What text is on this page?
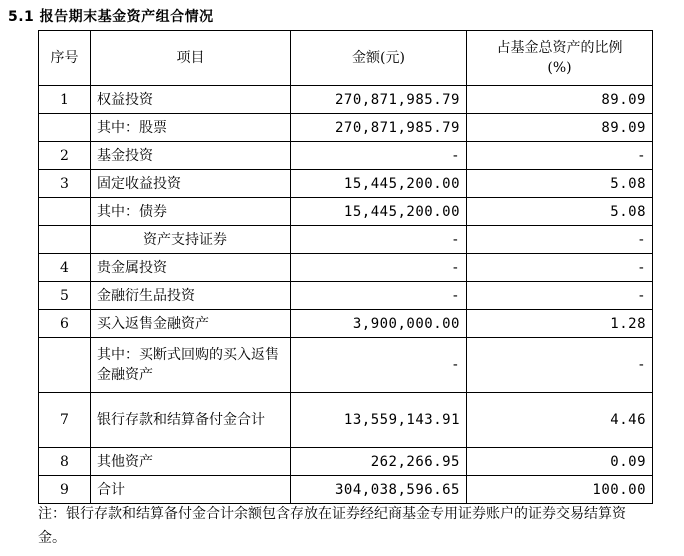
5.1 报告期末基金资产组合情况
序号	项目	金额(元)	占基金总资产的比例
(%)
1	权益投资	270,871,985.79	89.09
	其中：股票	270,871,985.79	89.09
2	基金投资	-	-
3	固定收益投资	15,445,200.00	5.08
	其中：债券	15,445,200.00	5.08
	资产支持证券	-	-
4	贵金属投资	-	-
5	金融衍生品投资	-	-
6	买入返售金融资产	3,900,000.00	1.28
	其中：买断式回购的买入返售金融资产	-	-
7	银行存款和结算备付金合计	13,559,143.91	4.46
8	其他资产	262,266.95	0.09
9	合计	304,038,596.65	100.00
注：银行存款和结算备付金合计余额包含存放在证券经纪商基金专用证券账户的证券交易结算资金。
